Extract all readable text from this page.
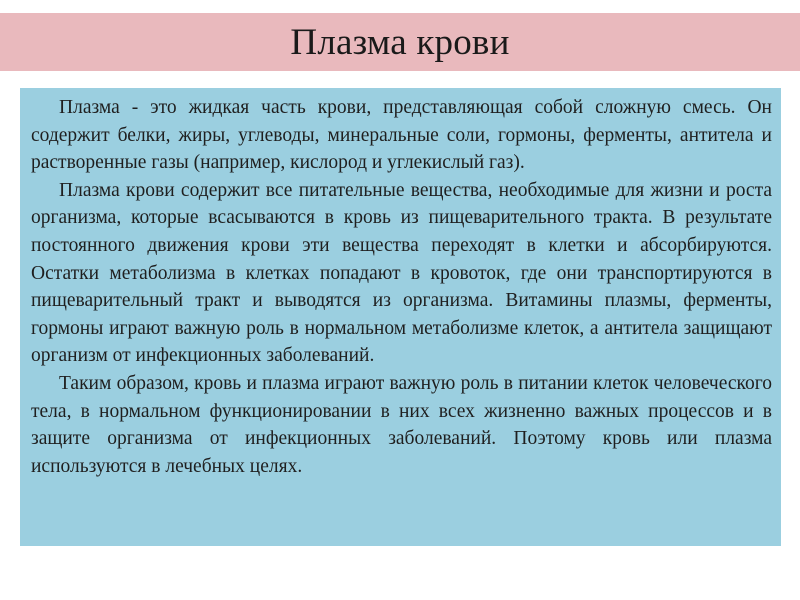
Плазма крови

Плазма - это жидкая часть крови, представляющая собой сложную смесь. Он содержит белки, жиры, углеводы, минеральные соли, гормоны, ферменты, антитела и растворенные газы (например, кислород и углекислый газ).

Плазма крови содержит все питательные вещества, необходимые для жизни и роста организма, которые всасываются в кровь из пищеварительного тракта. В результате постоянного движения крови эти вещества переходят в клетки и абсорбируются. Остатки метаболизма в клетках попадают в кровоток, где они транспортируются в пищеварительный тракт и выводятся из организма. Витамины плазмы, ферменты, гормоны играют важную роль в нормальном метаболизме клеток, а антитела защищают организм от инфекционных заболеваний.

Таким образом, кровь и плазма играют важную роль в питании клеток человеческого тела, в нормальном функционировании в них всех жизненно важных процессов и в защите организма от инфекционных заболеваний. Поэтому кровь или плазма используются в лечебных целях.
